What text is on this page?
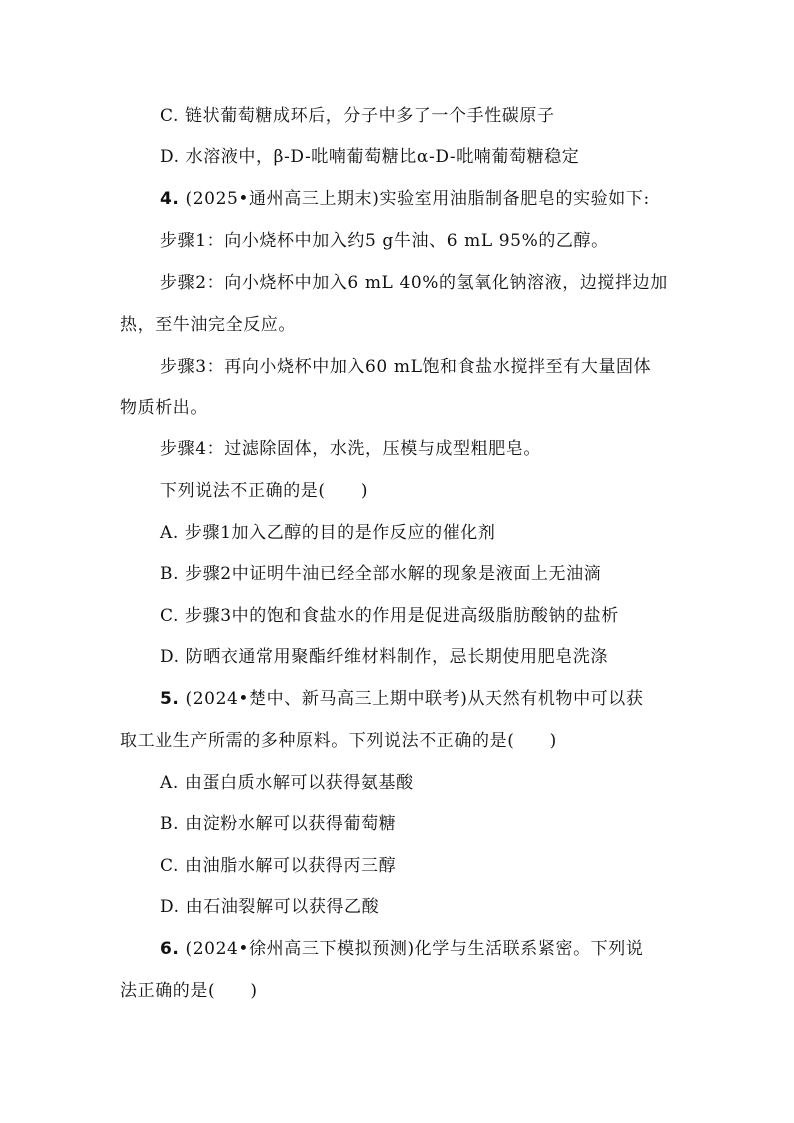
C. 链状葡萄糖成环后，分子中多了一个手性碳原子
D. 水溶液中，β-D-吡喃葡萄糖比α-D-吡喃葡萄糖稳定
4. (2025•通州高三上期末)实验室用油脂制备肥皂的实验如下:
步骤1：向小烧杯中加入约5 g牛油、6 mL 95%的乙醇。
步骤2：向小烧杯中加入6 mL 40%的氢氧化钠溶液，边搅拌边加
热，至牛油完全反应。
步骤3：再向小烧杯中加入60 mL饱和食盐水搅拌至有大量固体
物质析出。
步骤4：过滤除固体，水洗，压模与成型粗肥皂。
下列说法不正确的是(　　)
A. 步骤1加入乙醇的目的是作反应的催化剂
B. 步骤2中证明牛油已经全部水解的现象是液面上无油滴
C. 步骤3中的饱和食盐水的作用是促进高级脂肪酸钠的盐析
D. 防晒衣通常用聚酯纤维材料制作，忌长期使用肥皂洗涤
5. (2024•楚中、新马高三上期中联考)从天然有机物中可以获
取工业生产所需的多种原料。下列说法不正确的是(　　)
A. 由蛋白质水解可以获得氨基酸
B. 由淀粉水解可以获得葡萄糖
C. 由油脂水解可以获得丙三醇
D. 由石油裂解可以获得乙酸
6. (2024•徐州高三下模拟预测)化学与生活联系紧密。下列说
法正确的是(　　)
